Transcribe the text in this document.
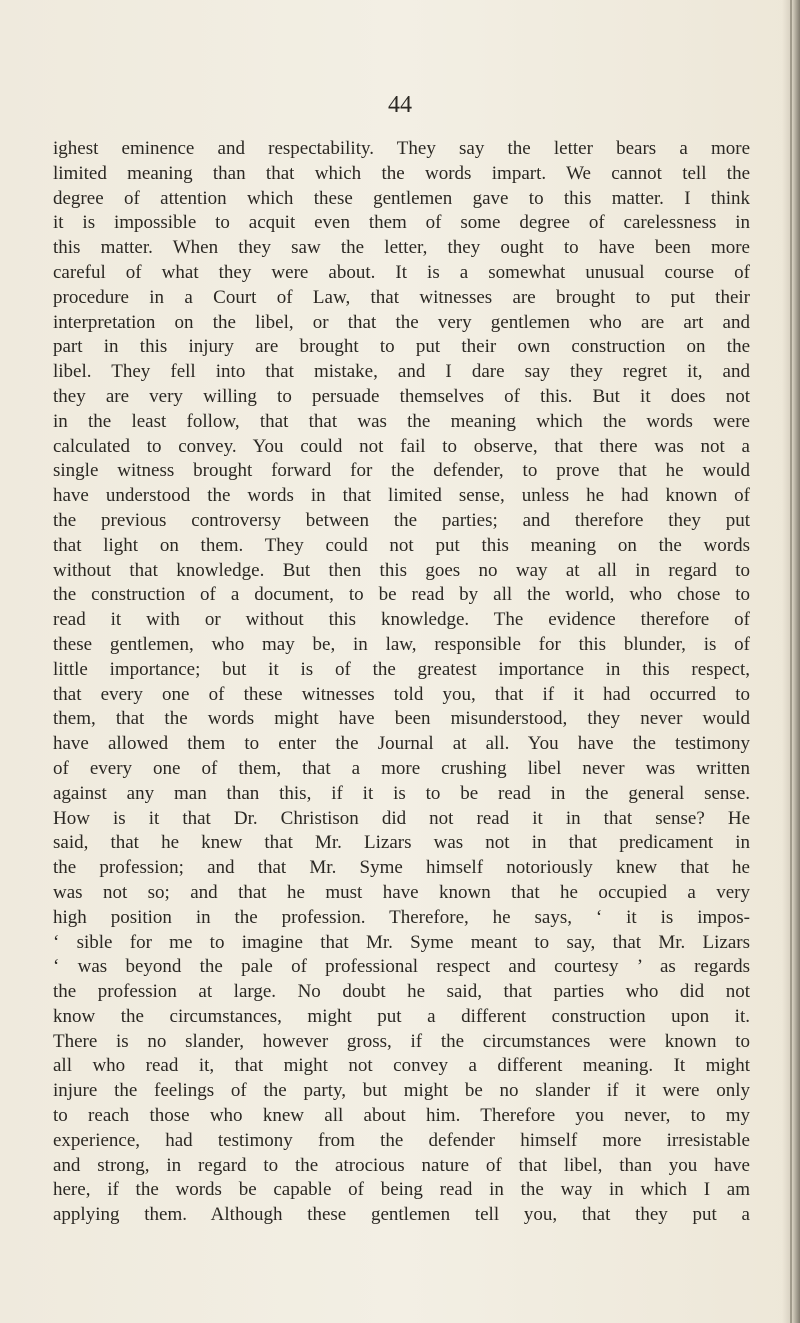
44
ighest eminence and respectability. They say the letter bears a more
limited meaning than that which the words impart. We cannot tell the
degree of attention which these gentlemen gave to this matter. I think
it is impossible to acquit even them of some degree of carelessness in
this matter. When they saw the letter, they ought to have been more
careful of what they were about. It is a somewhat unusual course of
procedure in a Court of Law, that witnesses are brought to put their
interpretation on the libel, or that the very gentlemen who are art and
part in this injury are brought to put their own construction on the
libel. They fell into that mistake, and I dare say they regret it, and
they are very willing to persuade themselves of this. But it does not
in the least follow, that that was the meaning which the words were
calculated to convey. You could not fail to observe, that there was not a
single witness brought forward for the defender, to prove that he would
have understood the words in that limited sense, unless he had known of
the previous controversy between the parties; and therefore they put
that light on them. They could not put this meaning on the words
without that knowledge. But then this goes no way at all in regard to
the construction of a document, to be read by all the world, who chose to
read it with or without this knowledge. The evidence therefore of
these gentlemen, who may be, in law, responsible for this blunder, is of
little importance; but it is of the greatest importance in this respect,
that every one of these witnesses told you, that if it had occurred to
them, that the words might have been misunderstood, they never would
have allowed them to enter the Journal at all. You have the testimony
of every one of them, that a more crushing libel never was written
against any man than this, if it is to be read in the general sense.
How is it that Dr. Christison did not read it in that sense? He
said, that he knew that Mr. Lizars was not in that predicament in
the profession; and that Mr. Syme himself notoriously knew that he
was not so; and that he must have known that he occupied a very
high position in the profession. Therefore, he says, ‘ it is impos-
‘ sible for me to imagine that Mr. Syme meant to say, that Mr. Lizars
‘ was beyond the pale of professional respect and courtesy ’ as regards
the profession at large. No doubt he said, that parties who did not
know the circumstances, might put a different construction upon it.
There is no slander, however gross, if the circumstances were known to
all who read it, that might not convey a different meaning. It might
injure the feelings of the party, but might be no slander if it were only
to reach those who knew all about him. Therefore you never, to my
experience, had testimony from the defender himself more irresistable
and strong, in regard to the atrocious nature of that libel, than you have
here, if the words be capable of being read in the way in which I am
applying them. Although these gentlemen tell you, that they put a
